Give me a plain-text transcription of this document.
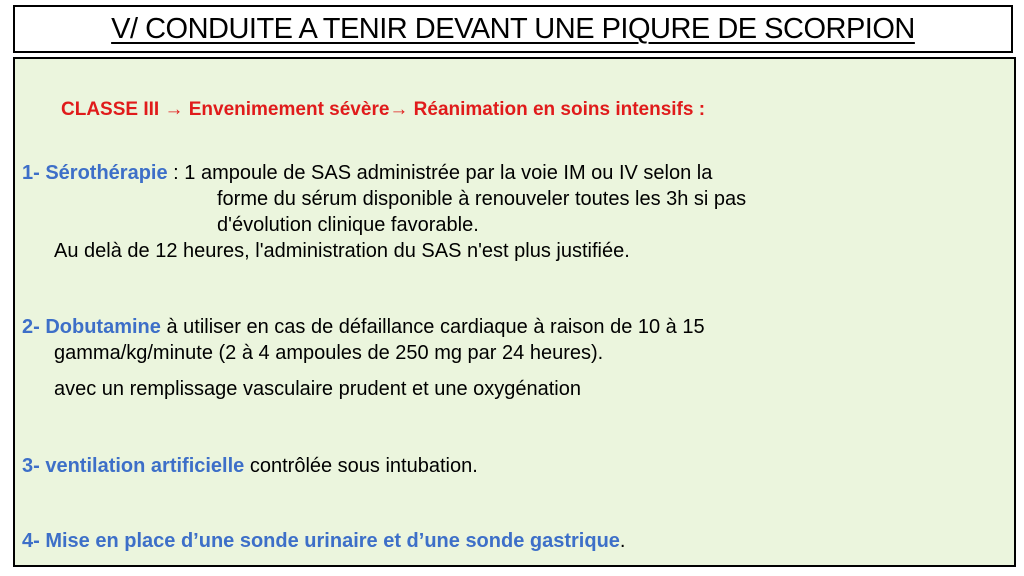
V/ CONDUITE A TENIR DEVANT UNE PIQURE DE SCORPION
CLASSE III → Envenimement sévère→ Réanimation en soins intensifs :
1- Sérothérapie : 1 ampoule de SAS administrée par la voie IM ou IV selon la
forme du sérum disponible à renouveler toutes les 3h si pas
d'évolution clinique favorable.
Au delà de 12 heures, l'administration du SAS n'est plus justifiée.
2- Dobutamine à utiliser en cas de défaillance cardiaque à raison de 10 à 15
gamma/kg/minute (2 à 4 ampoules de 250 mg par 24 heures).
avec un remplissage vasculaire prudent et une oxygénation
3- ventilation artificielle contrôlée sous intubation.
4- Mise en place d’une sonde urinaire et d’une sonde gastrique.
